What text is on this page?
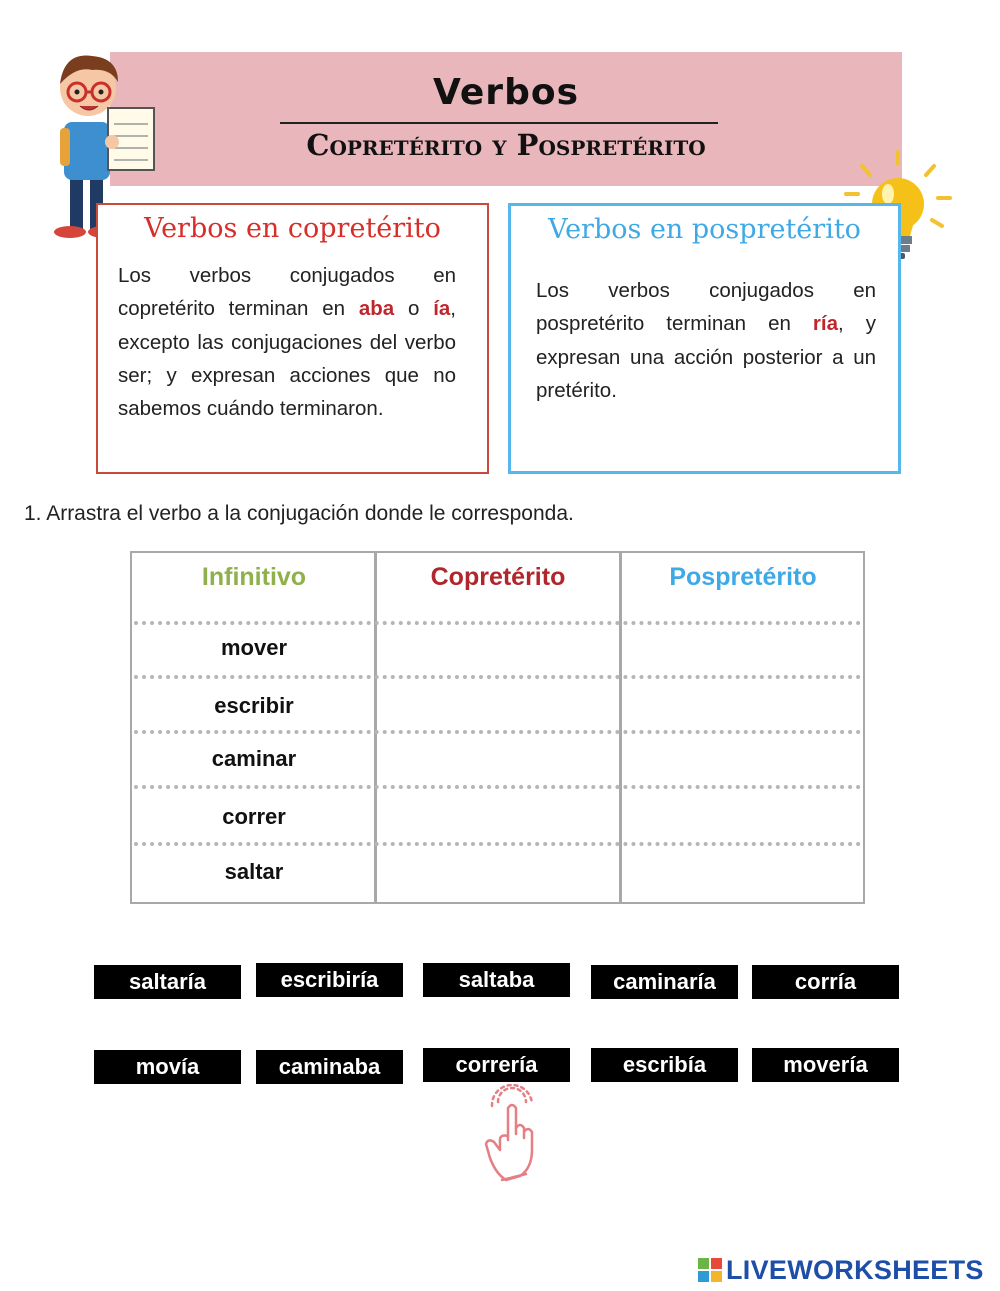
Verbos
Copretérito y Pospretérito
Verbos en copretérito
Los verbos conjugados en copretérito terminan en aba o ía, excepto las conjugaciones del verbo ser; y expresan acciones que no sabemos cuándo terminaron.
Verbos en pospretérito
Los verbos conjugados en pospretérito terminan en ría, y expresan una acción posterior a un pretérito.
1. Arrastra el verbo a la conjugación donde le corresponda.
Infinitivo	Copretérito	Pospretérito
mover
escribir
caminar
correr
saltar
saltaría	escribiría	saltaba	caminaría	corría
movía	caminaba	correría	escribía	movería
LIVEWORKSHEETS
